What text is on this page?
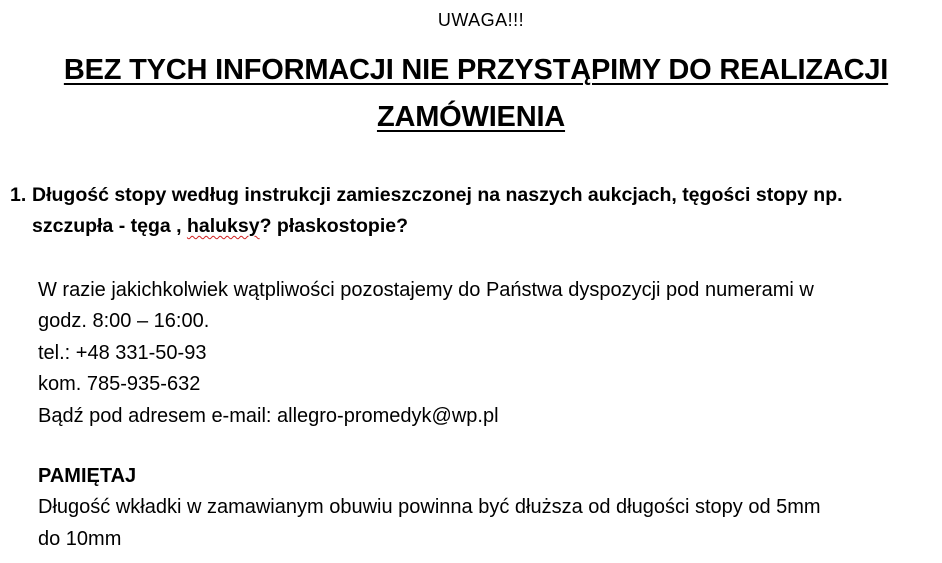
UWAGA!!!
BEZ TYCH INFORMACJI NIE PRZYSTĄPIMY DO REALIZACJI
ZAMÓWIENIA
1. Długość stopy według instrukcji zamieszczonej na naszych aukcjach, tęgości stopy np.
szczupła - tęga , haluksy? płaskostopie?
W razie jakichkolwiek wątpliwości pozostajemy do Państwa dyspozycji pod numerami w
godz. 8:00 – 16:00.
tel.: +48 331-50-93
kom. 785-935-632
Bądź pod adresem e-mail: allegro-promedyk@wp.pl
PAMIĘTAJ
Długość wkładki w zamawianym obuwiu powinna być dłuższa od długości stopy od 5mm
do 10mm
